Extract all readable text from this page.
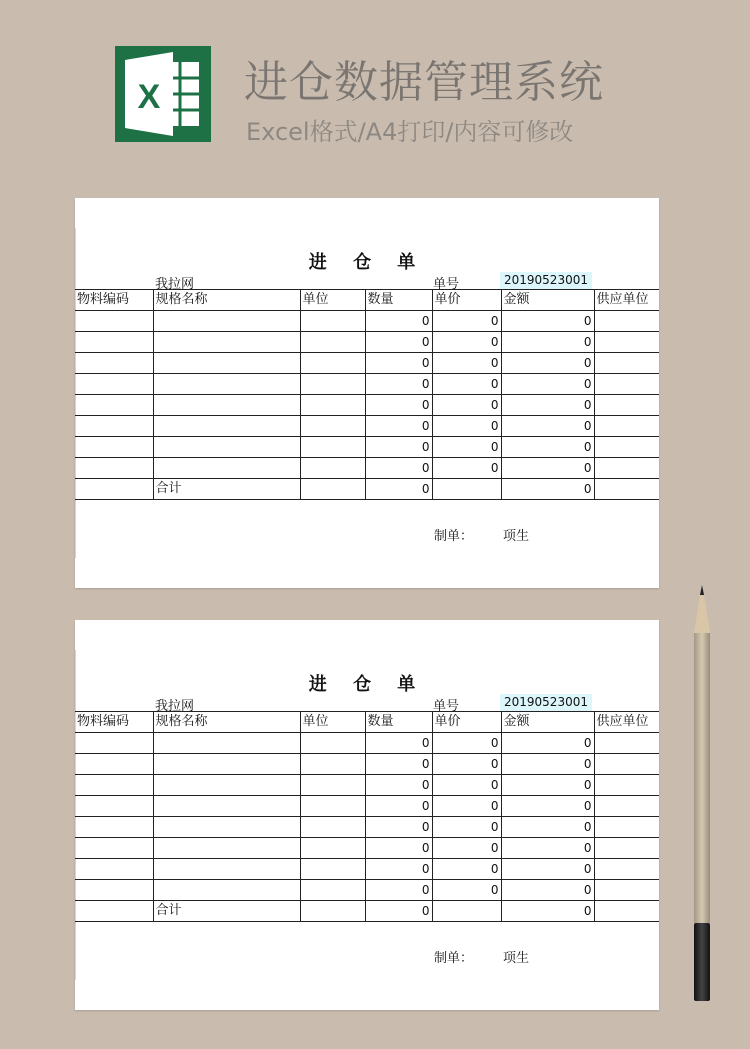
X 进仓数据管理系统
Excel格式/A4打印/内容可修改
进 仓 单
我拉网	单号	20190523001
物料编码	规格名称	单位	数量	单价	金额	供应单位
			0	0	0	
			0	0	0	
			0	0	0	
			0	0	0	
			0	0	0	
			0	0	0	
			0	0	0	
			0	0	0	
	合计		0		0	
制单： 项生
进 仓 单
我拉网	单号	20190523001
物料编码	规格名称	单位	数量	单价	金额	供应单位
			0	0	0	
			0	0	0	
			0	0	0	
			0	0	0	
			0	0	0	
			0	0	0	
			0	0	0	
			0	0	0	
	合计		0		0	
制单： 项生
